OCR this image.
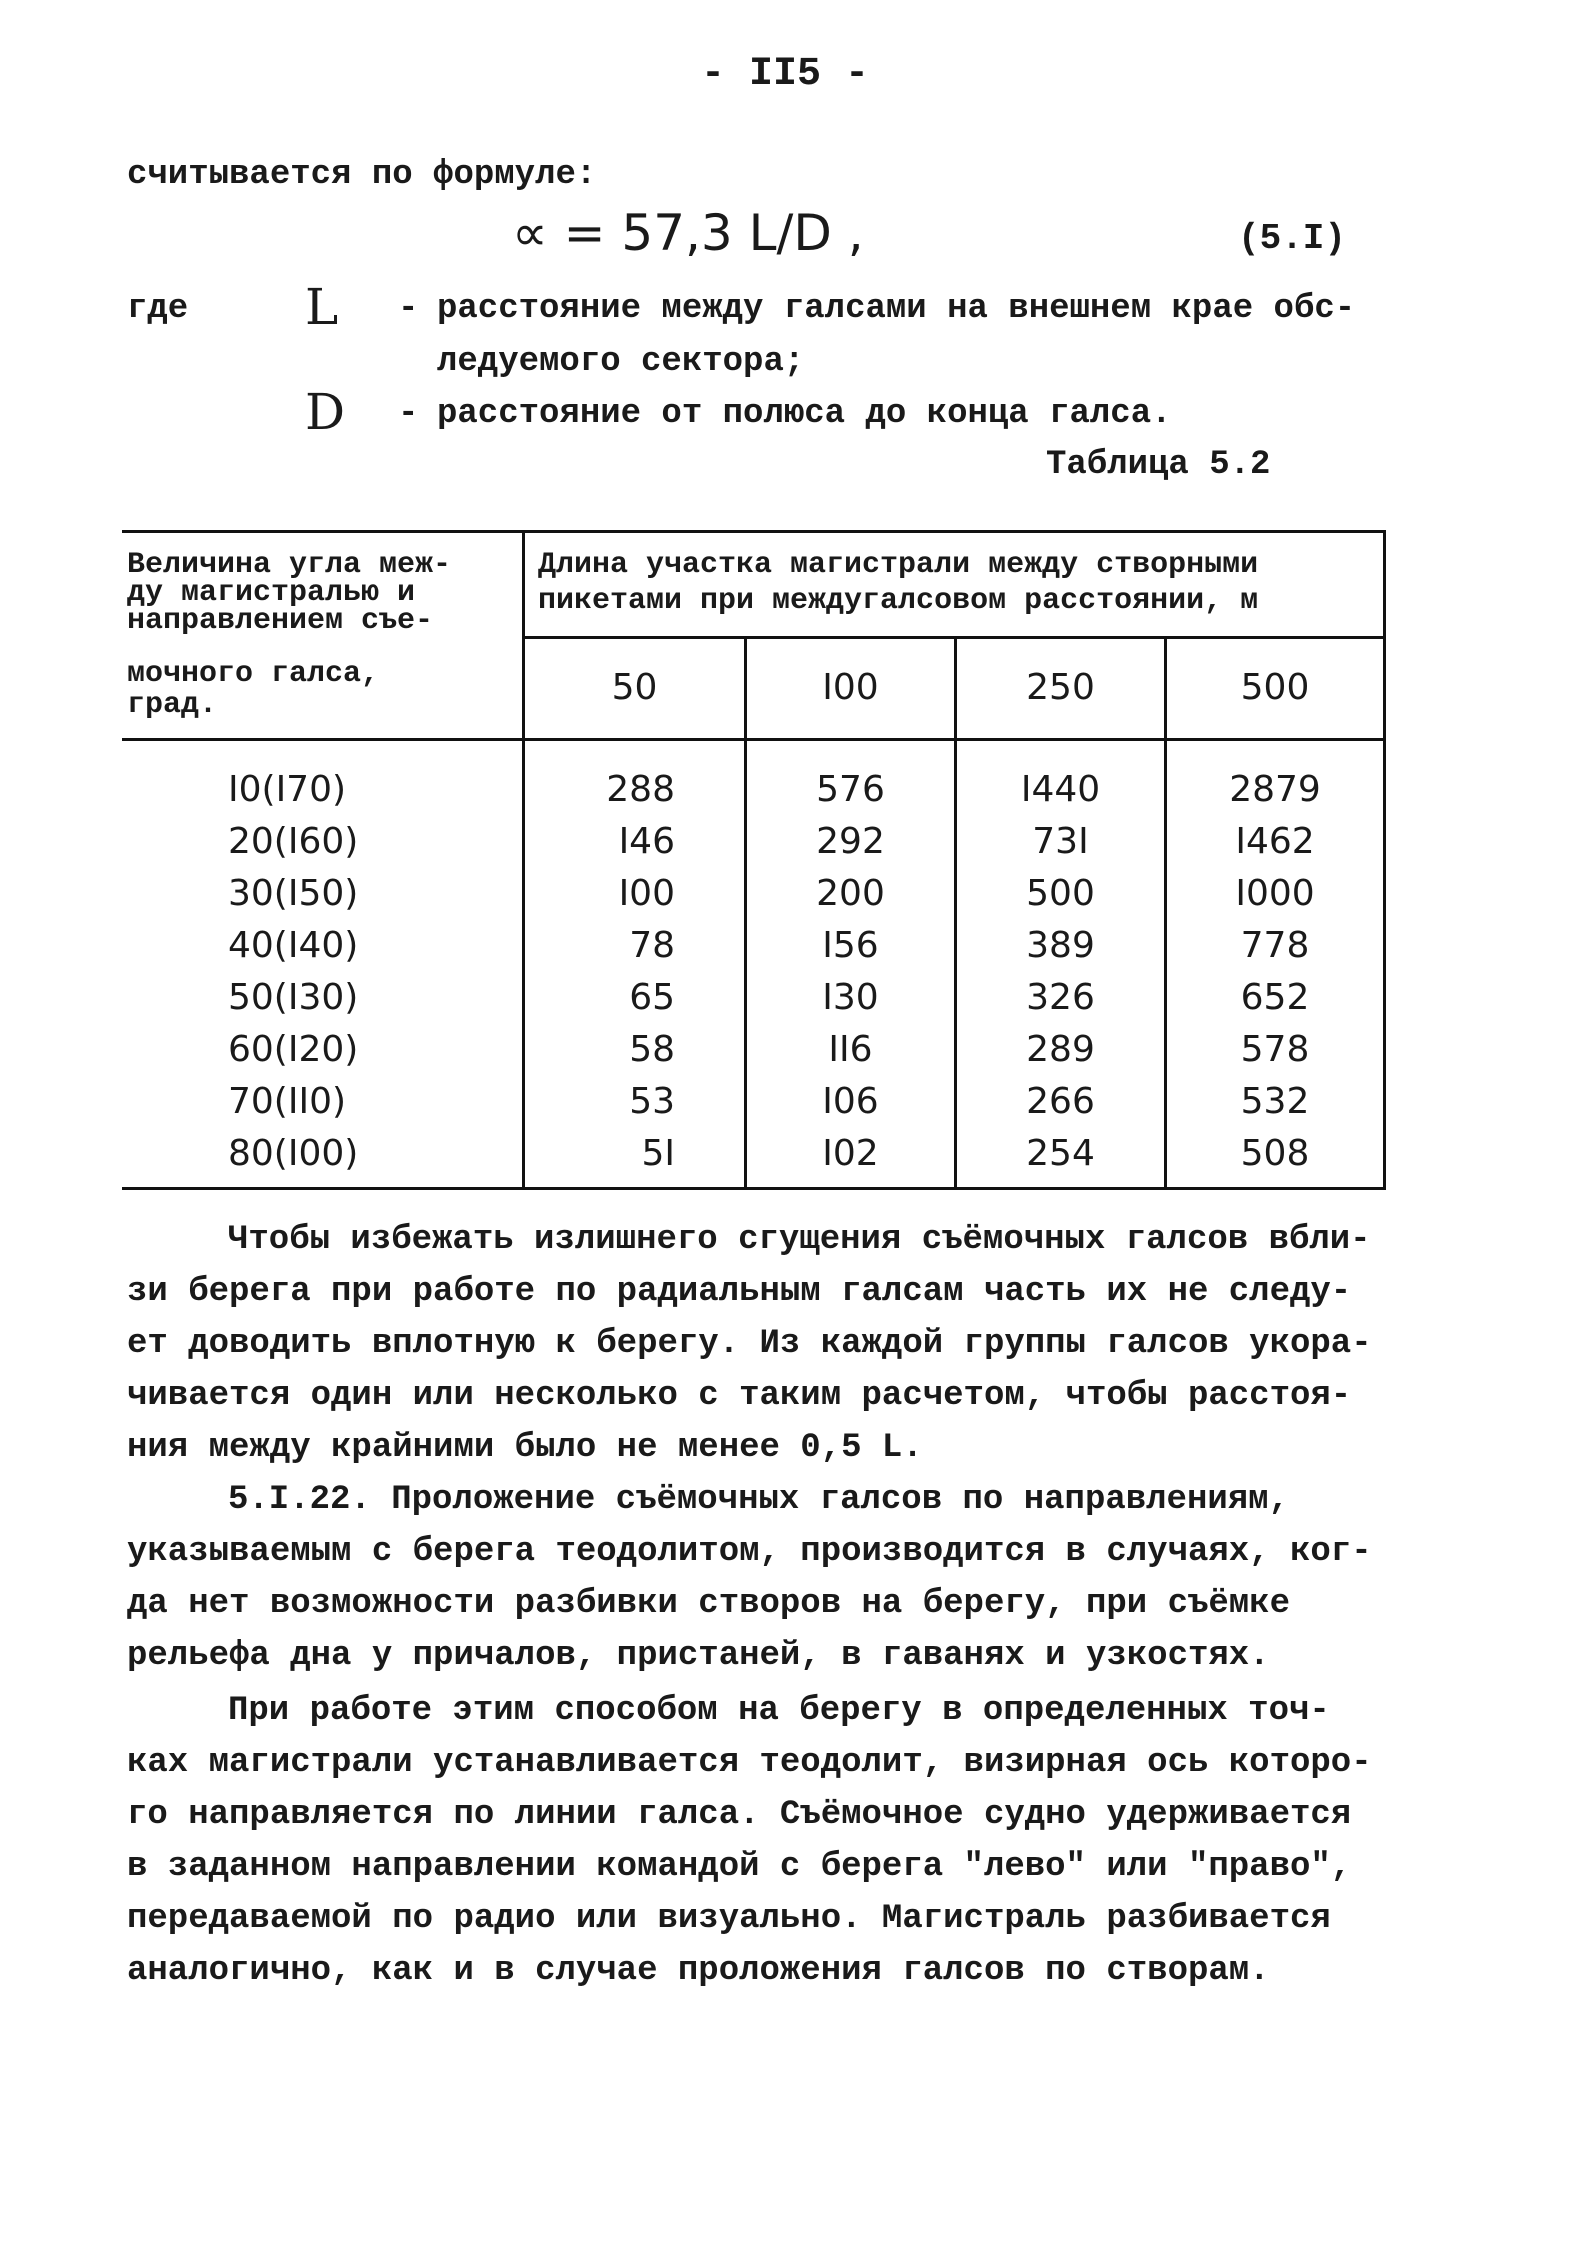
- II5 -
считывается по формуле:
∝ = 57,3 L/D ,	(5.I)
где L - расстояние между галсами на внешнем крае обс-
ледуемого сектора;
D - расстояние от полюса до конца галса.
Таблица 5.2
Величина угла меж-
ду магистралью и
направлением съе-
мочного галса,
град.
Длина участка магистрали между створными
пикетами при междугалсовом расстоянии, м
50	I00	250	500
I0(I70)	288	576	I440	2879
20(I60)	I46	292	73I	I462
30(I50)	I00	200	500	I000
40(I40)	78	I56	389	778
50(I30)	65	I30	326	652
60(I20)	58	II6	289	578
70(II0)	53	I06	266	532
80(I00)	5I	I02	254	508
Чтобы избежать излишнего сгущения съёмочных галсов вбли-
зи берега при работе по радиальным галсам часть их не следу-
ет доводить вплотную к берегу. Из каждой группы галсов укора-
чивается один или несколько с таким расчетом, чтобы расстоя-
ния между крайними было не менее 0,5 L.
5.I.22. Проложение съёмочных галсов по направлениям,
указываемым с берега теодолитом, производится в случаях, ког-
да нет возможности разбивки створов на берегу, при съёмке
рельефа дна у причалов, пристаней, в гаванях и узкостях.
При работе этим способом на берегу в определенных точ-
ках магистрали устанавливается теодолит, визирная ось которо-
го направляется по линии галса. Съёмочное судно удерживается
в заданном направлении командой с берега "лево" или "право",
передаваемой по радио или визуально. Магистраль разбивается
аналогично, как и в случае проложения галсов по створам.
